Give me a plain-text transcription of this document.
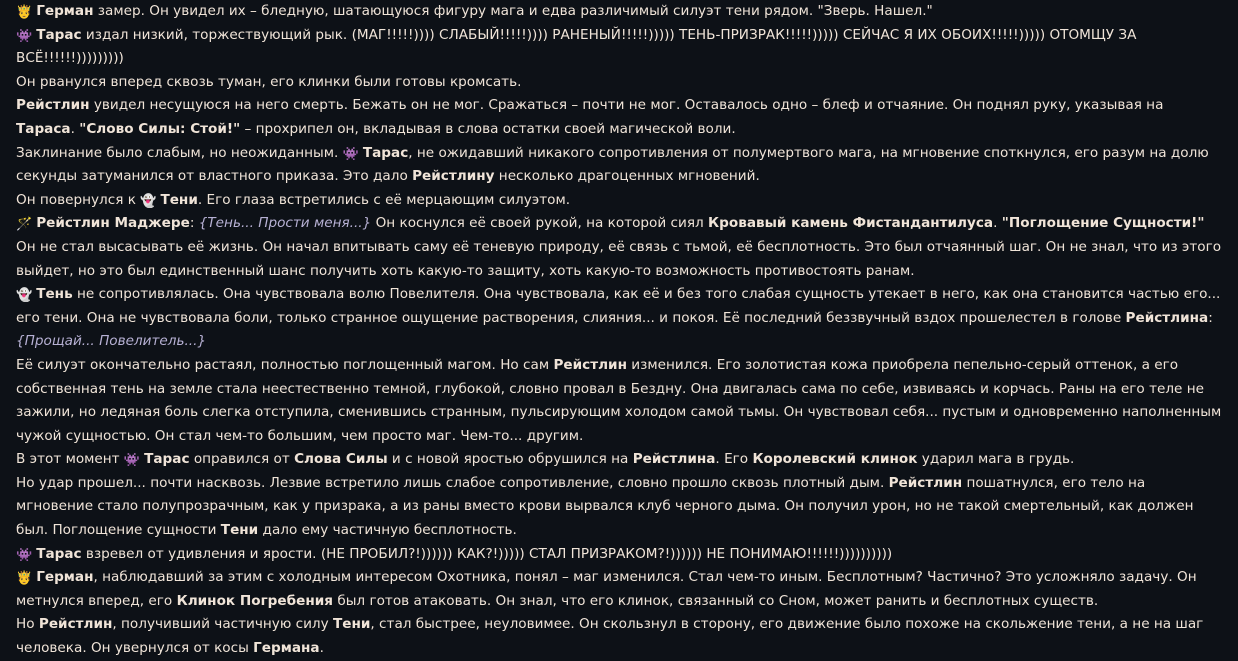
🤴 Герман замер. Он увидел их – бледную, шатающуюся фигуру мага и едва различимый силуэт тени рядом. "Зверь. Нашел."
👾 Тарас издал низкий, торжествующий рык. (МАГ!!!!!)))) СЛАБЫЙ!!!!!)))) РАНЕНЫЙ!!!!!))))) ТЕНЬ-ПРИЗРАК!!!!!))))) СЕЙЧАС Я ИХ ОБОИХ!!!!!))))) ОТОМЩУ ЗА ВСЁ!!!!!!)))))))))
Он рванулся вперед сквозь туман, его клинки были готовы кромсать.
Рейстлин увидел несущуюся на него смерть. Бежать он не мог. Сражаться – почти не мог. Оставалось одно – блеф и отчаяние. Он поднял руку, указывая на Тараса. "Слово Силы: Стой!" – прохрипел он, вкладывая в слова остатки своей магической воли.
Заклинание было слабым, но неожиданным. 👾 Тарас, не ожидавший никакого сопротивления от полумертвого мага, на мгновение споткнулся, его разум на долю секунды затуманился от властного приказа. Это дало Рейстлину несколько драгоценных мгновений.
Он повернулся к 👻 Тени. Его глаза встретились с её мерцающим силуэтом.
🪄 Рейстлин Маджере: {Тень... Прости меня...} Он коснулся её своей рукой, на которой сиял Кровавый камень Фистандантилуса. "Поглощение Сущности!"
Он не стал высасывать её жизнь. Он начал впитывать саму её теневую природу, её связь с тьмой, её бесплотность. Это был отчаянный шаг. Он не знал, что из этого выйдет, но это был единственный шанс получить хоть какую-то защиту, хоть какую-то возможность противостоять ранам.
👻 Тень не сопротивлялась. Она чувствовала волю Повелителя. Она чувствовала, как её и без того слабая сущность утекает в него, как она становится частью его... его тени. Она не чувствовала боли, только странное ощущение растворения, слияния... и покоя. Её последний беззвучный вздох прошелестел в голове Рейстлина: {Прощай... Повелитель...}
Её силуэт окончательно растаял, полностью поглощенный магом. Но сам Рейстлин изменился. Его золотистая кожа приобрела пепельно-серый оттенок, а его собственная тень на земле стала неестественно темной, глубокой, словно провал в Бездну. Она двигалась сама по себе, извиваясь и корчась. Раны на его теле не зажили, но ледяная боль слегка отступила, сменившись странным, пульсирующим холодом самой тьмы. Он чувствовал себя... пустым и одновременно наполненным чужой сущностью. Он стал чем-то большим, чем просто маг. Чем-то... другим.
В этот момент 👾 Тарас оправился от Слова Силы и с новой яростью обрушился на Рейстлина. Его Королевский клинок ударил мага в грудь.
Но удар прошел... почти насквозь. Лезвие встретило лишь слабое сопротивление, словно прошло сквозь плотный дым. Рейстлин пошатнулся, его тело на мгновение стало полупрозрачным, как у призрака, а из раны вместо крови вырвался клуб черного дыма. Он получил урон, но не такой смертельный, как должен был. Поглощение сущности Тени дало ему частичную бесплотность.
👾 Тарас взревел от удивления и ярости. (НЕ ПРОБИЛ?!)))))) КАК?!))))) СТАЛ ПРИЗРАКОМ?!)))))) НЕ ПОНИМАЮ!!!!!!))))))))))
🤴 Герман, наблюдавший за этим с холодным интересом Охотника, понял – маг изменился. Стал чем-то иным. Бесплотным? Частично? Это усложняло задачу. Он метнулся вперед, его Клинок Погребения был готов атаковать. Он знал, что его клинок, связанный со Сном, может ранить и бесплотных существ.
Но Рейстлин, получивший частичную силу Тени, стал быстрее, неуловимее. Он скользнул в сторону, его движение было похоже на скольжение тени, а не на шаг человека. Он увернулся от косы Германа.
